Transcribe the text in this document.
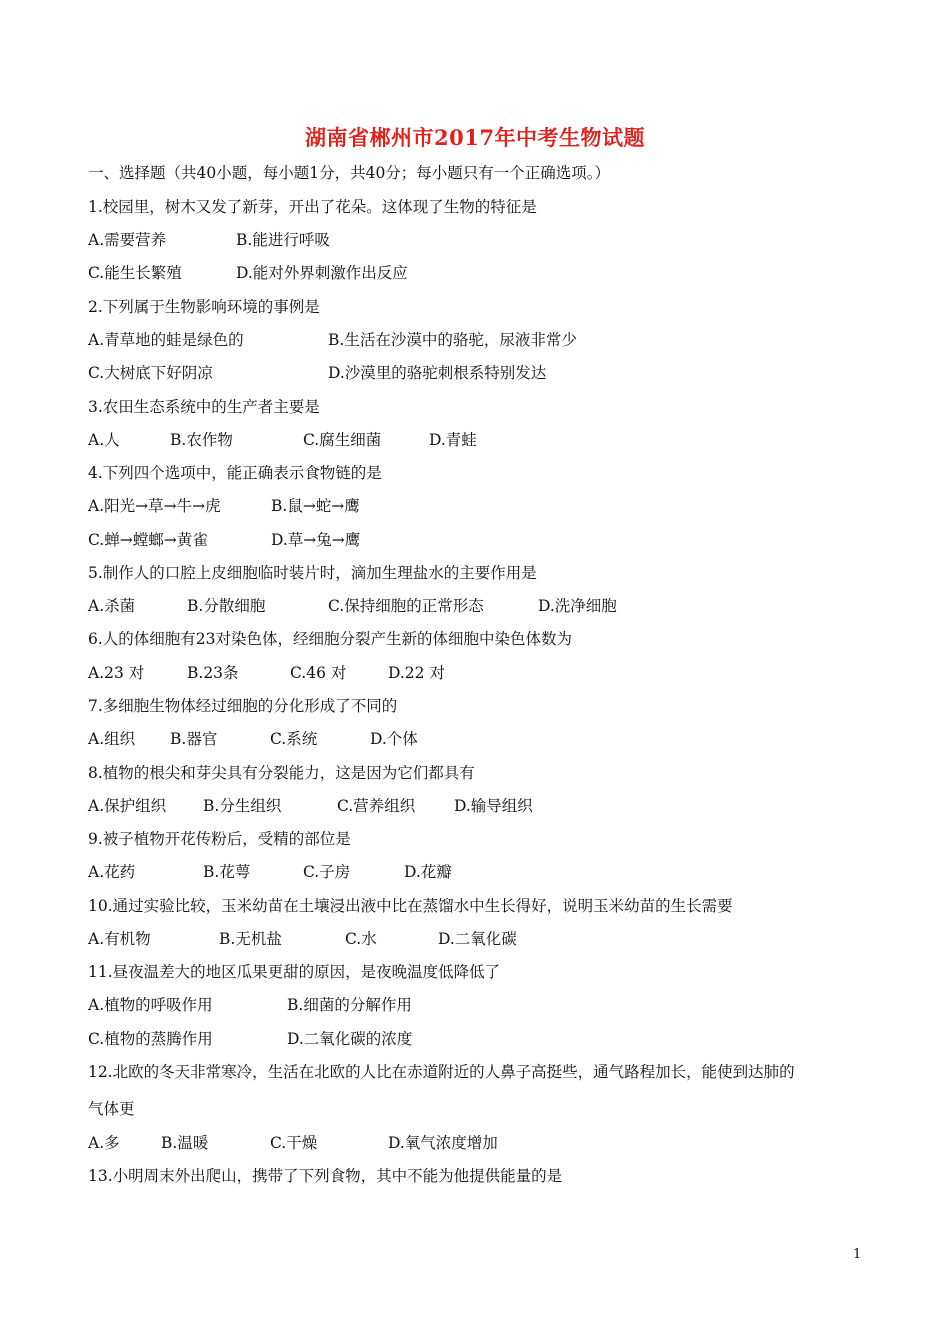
湖南省郴州市2017年中考生物试题
一、选择题（共40小题，每小题1分，共40分；每小题只有一个正确选项。）
1.校园里，树木又发了新芽，开出了花朵。这体现了生物的特征是
A.需要营养	B.能进行呼吸
C.能生长繁殖	D.能对外界刺激作出反应
2.下列属于生物影响环境的事例是
A.青草地的蛙是绿色的	B.生活在沙漠中的骆驼，尿液非常少
C.大树底下好阴凉	D.沙漠里的骆驼刺根系特别发达
3.农田生态系统中的生产者主要是
A.人	B.农作物	C.腐生细菌	D.青蛙
4.下列四个选项中，能正确表示食物链的是
A.阳光→草→牛→虎	B.鼠→蛇→鹰
C.蝉→螳螂→黄雀	D.草→兔→鹰
5.制作人的口腔上皮细胞临时装片时，滴加生理盐水的主要作用是
A.杀菌	B.分散细胞	C.保持细胞的正常形态	D.洗净细胞
6.人的体细胞有23对染色体，经细胞分裂产生新的体细胞中染色体数为
A.23 对	B.23条	C.46 对	D.22 对
7.多细胞生物体经过细胞的分化形成了不同的
A.组织 B.器官	C.系统	D.个体
8.植物的根尖和芽尖具有分裂能力，这是因为它们都具有
A.保护组织 B.分生组织	C.营养组织	D.输导组织
9.被子植物开花传粉后，受精的部位是
A.花药	B.花萼	C.子房	D.花瓣
10.通过实验比较，玉米幼苗在土壤浸出液中比在蒸馏水中生长得好，说明玉米幼苗的生长需要
A.有机物	B.无机盐	C.水	D.二氧化碳
11.昼夜温差大的地区瓜果更甜的原因，是夜晚温度低降低了
A.植物的呼吸作用	B.细菌的分解作用
C.植物的蒸腾作用	D.二氧化碳的浓度
12.北欧的冬天非常寒冷，生活在北欧的人比在赤道附近的人鼻子高挺些，通气路程加长，能使到达肺的
气体更
A.多	B.温暖	C.干燥	D.氧气浓度增加
13.小明周末外出爬山，携带了下列食物，其中不能为他提供能量的是
1
